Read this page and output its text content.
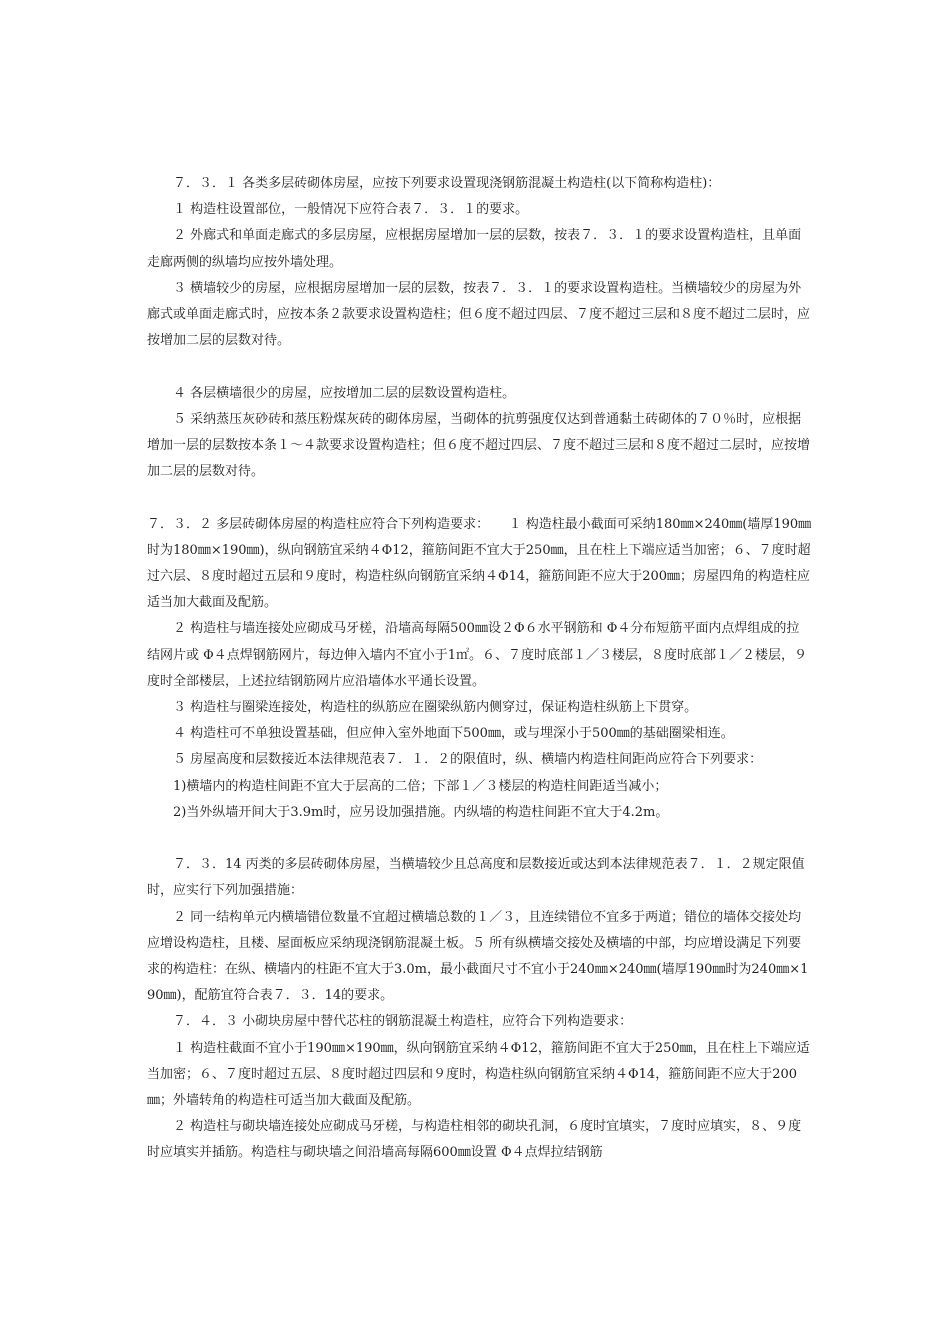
　　７．３．１ 各类多层砖砌体房屋，应按下列要求设置现浇钢筋混凝土构造柱(以下简称构造柱)：

　　１ 构造柱设置部位，一般情况下应符合表７．３．１的要求。

　　２ 外廊式和单面走廊式的多层房屋，应根据房屋增加一层的层数，按表７．３．１的要求设置构造柱，且单面走廊两侧的纵墙均应按外墙处理。

　　３ 横墙较少的房屋，应根据房屋增加一层的层数，按表７．３．１的要求设置构造柱。当横墙较少的房屋为外廊式或单面走廊式时，应按本条２款要求设置构造柱；但６度不超过四层、７度不超过三层和８度不超过二层时，应按增加二层的层数对待。

　　４ 各层横墙很少的房屋，应按增加二层的层数设置构造柱。

　　５ 采纳蒸压灰砂砖和蒸压粉煤灰砖的砌体房屋，当砌体的抗剪强度仅达到普通黏土砖砌体的７０％时，应根据增加一层的层数按本条１～４款要求设置构造柱；但６度不超过四层、７度不超过三层和８度不超过二层时，应按增加二层的层数对待。

７．３．２ 多层砖砌体房屋的构造柱应符合下列构造要求：　　１ 构造柱最小截面可采纳180㎜×240㎜(墙厚190㎜时为180㎜×190㎜)，纵向钢筋宜采纳４Φ12，箍筋间距不宜大于250㎜，且在柱上下端应适当加密；６、７度时超过六层、８度时超过五层和９度时，构造柱纵向钢筋宜采纳４Φ14，箍筋间距不应大于200㎜；房屋四角的构造柱应适当加大截面及配筋。

　　２ 构造柱与墙连接处应砌成马牙槎，沿墙高每隔500㎜设２Φ６水平钢筋和 Φ４分布短筋平面内点焊组成的拉结网片或 Φ４点焊钢筋网片，每边伸入墙内不宜小于1㎡。６、７度时底部１／３楼层，８度时底部１／２楼层，９度时全部楼层，上述拉结钢筋网片应沿墙体水平通长设置。

　　３ 构造柱与圈梁连接处，构造柱的纵筋应在圈梁纵筋内侧穿过，保证构造柱纵筋上下贯穿。

　　４ 构造柱可不单独设置基础，但应伸入室外地面下500㎜，或与埋深小于500㎜的基础圈梁相连。

　　５ 房屋高度和层数接近本法律规范表７．１．２的限值时，纵、横墙内构造柱间距尚应符合下列要求：

　　1)横墙内的构造柱间距不宜大于层高的二倍；下部１／３楼层的构造柱间距适当减小；

　　2)当外纵墙开间大于3.9m时，应另设加强措施。内纵墙的构造柱间距不宜大于4.2m。

　　７．３．14 丙类的多层砖砌体房屋，当横墙较少且总高度和层数接近或达到本法律规范表７．１．２规定限值时，应实行下列加强措施：

　　２ 同一结构单元内横墙错位数量不宜超过横墙总数的１／３，且连续错位不宜多于两道；错位的墙体交接处均应增设构造柱，且楼、屋面板应采纳现浇钢筋混凝土板。５ 所有纵横墙交接处及横墙的中部，均应增设满足下列要求的构造柱：在纵、横墙内的柱距不宜大于3.0m，最小截面尺寸不宜小于240㎜×240㎜(墙厚190㎜时为240㎜×190㎜)，配筋宜符合表７．３．14的要求。

　　７．４．３ 小砌块房屋中替代芯柱的钢筋混凝土构造柱，应符合下列构造要求：

　　１ 构造柱截面不宜小于190㎜×190㎜，纵向钢筋宜采纳４Φ12，箍筋间距不宜大于250㎜，且在柱上下端应适当加密；６、７度时超过五层、８度时超过四层和９度时，构造柱纵向钢筋宜采纳４Φ14，箍筋间距不应大于200㎜；外墙转角的构造柱可适当加大截面及配筋。

　　２ 构造柱与砌块墙连接处应砌成马牙槎，与构造柱相邻的砌块孔洞，６度时宜填实，７度时应填实，８、９度时应填实并插筋。构造柱与砌块墙之间沿墙高每隔600㎜设置 Φ４点焊拉结钢筋
